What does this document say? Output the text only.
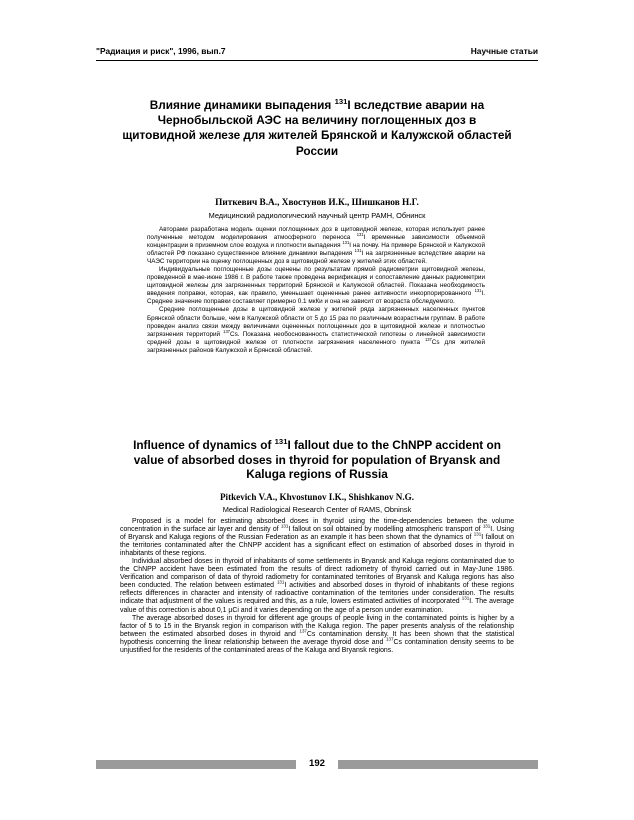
"Радиация и риск", 1996, вып.7	Научные статьи
Влияние динамики выпадения $^{131}$I вследствие аварии на Чернобыльской АЭС на величину поглощенных доз в щитовидной железе для жителей Брянской и Калужской областей России
Питкевич В.А., Хвостунов И.К., Шишканов Н.Г.
Медицинский радиологический научный центр РАМН, Обнинск

Авторами разработана модель оценки поглощенных доз в щитовидной железе, которая использует ранее полученные методом моделирования атмосферного переноса $^{131}$I временные зависимости объемной концентрации в приземном слое воздуха и плотности выпадения $^{131}$I на почву. На примере Брянской и Калужской областей РФ показано существенное влияние динамики выпадения $^{131}$I на загрязненные вследствие аварии на ЧАЭС территории на оценку поглощенных доз в щитовидной железе у жителей этих областей.

Индивидуальные поглощенные дозы оценены по результатам прямой радиометрии щитовидной железы, проведенной в мае-июне 1986 г. В работе также проведена верификация и сопоставление данных радиометрии щитовидной железы для загрязненных территорий Брянской и Калужской областей. Показана необходимость введения поправки, которая, как правило, уменьшает оцененные ранее активности инкорпорированного $^{131}$I. Среднее значение поправки составляет примерно 0.1 мкКи и она не зависит от возраста обследуемого.

Средние поглощенные дозы в щитовидной железе у жителей ряда загрязненных населенных пунктов Брянской области больше, чем в Калужской области от 5 до 15 раз по различным возрастным группам. В работе проведен анализ связи между величинами оцененных поглощенных доз в щитовидной железе и плотностью загрязнения территорий $^{137}$Cs. Показана необоснованность статистической гипотезы о линейной зависимости средней дозы в щитовидной железе от плотности загрязнения населенного пункта $^{137}$Cs для жителей загрязненных районов Калужской и Брянской областей.

Influence of dynamics of $^{131}$I fallout due to the ChNPP accident on value of absorbed doses in thyroid for population of Bryansk and Kaluga regions of Russia
Pitkevich V.A., Khvostunov I.K., Shishkanov N.G.
Medical Radiological Research Center of RAMS, Obninsk

Proposed is a model for estimating absorbed doses in thyroid using the time-dependencies between the volume concentration in the surface air layer and density of $^{131}$I fallout on soil obtained by modelling atmospheric transport of $^{131}$I. Using of Bryansk and Kaluga regions of the Russian Federation as an example it has been shown that the dynamics of $^{131}$I fallout on the territories contaminated after the ChNPP accident has a significant effect on estimation of absorbed doses in thyroid in inhabitants of these regions.

Individual absorbed doses in thyroid of inhabitants of some settlements in Bryansk and Kaluga regions contaminated due to the ChNPP accident have been estimated from the results of direct radiometry of thyroid carried out in May-June 1986. Verification and comparison of data of thyroid radiometry for contaminated territories of Bryansk and Kaluga regions has also been conducted. The relation between estimated $^{131}$I activities and absorbed doses in thyroid of inhabitants of these regions reflects differences in character and intensity of radioactive contamination of the territories under consideration. The results indicate that adjustment of the values is required and this, as a rule, lowers estimated activities of incorporated $^{131}$I. The average value of this correction is about 0,1 µCi and it varies depending on the age of a person under examination.

The average absorbed doses in thyroid for different age groups of people living in the contaminated points is higher by a factor of 5 to 15 in the Bryansk region in comparison with the Kaluga region. The paper presents analysis of the relationship between the estimated absorbed doses in thyroid and $^{137}$Cs contamination density. It has been shown that the statistical hypothesis concerning the linear relationship between the average thyroid dose and $^{137}$Cs contamination density seems to be unjustified for the residents of the contaminated areas of the Kaluga and Bryansk regions.

192
